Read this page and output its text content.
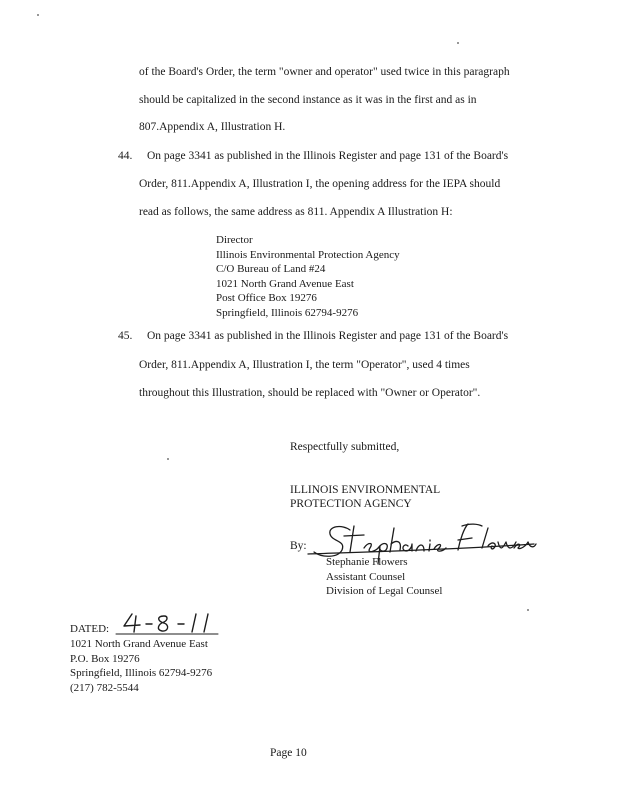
of the Board's Order, the term "owner and operator" used twice in this paragraph
should be capitalized in the second instance as it was in the first and as in
807.Appendix A, Illustration H.
44. On page 3341 as published in the Illinois Register and page 131 of the Board's
Order, 811.Appendix A, Illustration I, the opening address for the IEPA should
read as follows, the same address as 811. Appendix A Illustration H:
Director
Illinois Environmental Protection Agency
C/O Bureau of Land #24
1021 North Grand Avenue East
Post Office Box 19276
Springfield, Illinois 62794-9276
45. On page 3341 as published in the Illinois Register and page 131 of the Board's
Order, 811.Appendix A, Illustration I, the term "Operator", used 4 times
throughout this Illustration, should be replaced with "Owner or Operator".
Respectfully submitted,
ILLINOIS ENVIRONMENTAL
PROTECTION AGENCY
By:
Stephanie Flowers
Assistant Counsel
Division of Legal Counsel
DATED:
1021 North Grand Avenue East
P.O. Box 19276
Springfield, Illinois 62794-9276
(217) 782-5544
Page 10
